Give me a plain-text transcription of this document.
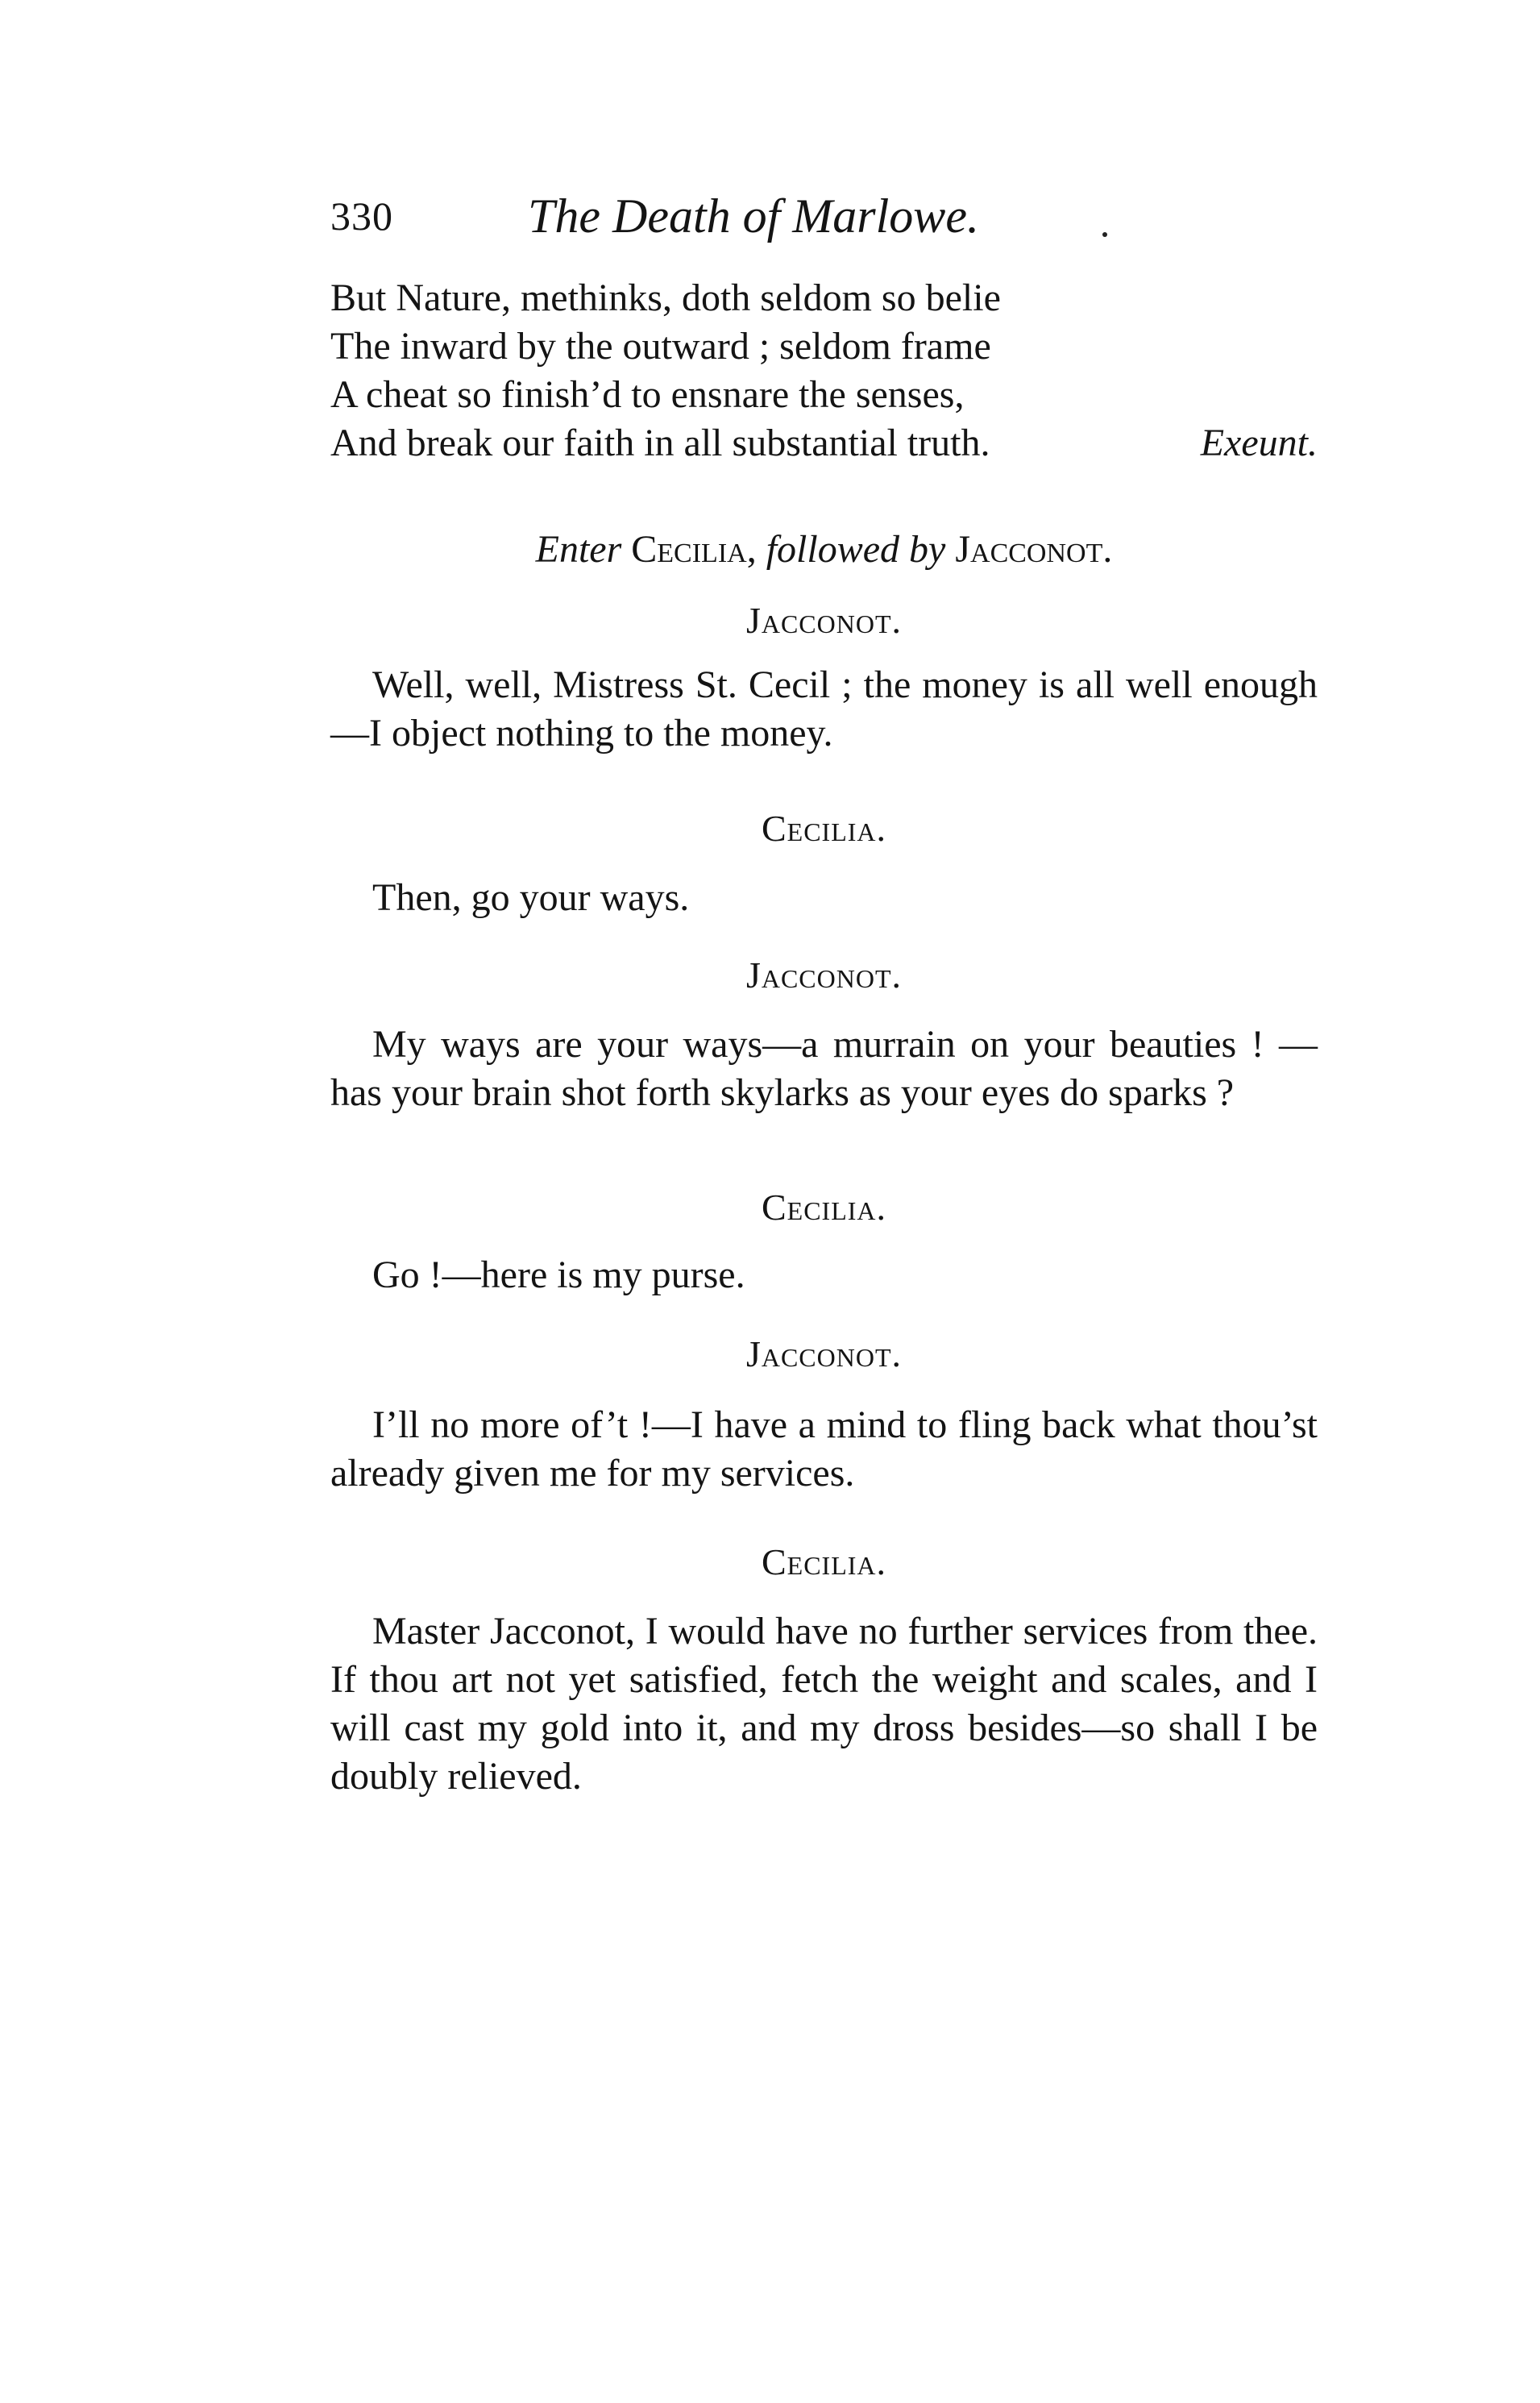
330	The Death of Marlowe.
But Nature, methinks, doth seldom so belie
The inward by the outward ; seldom frame
A cheat so finish’d to ensnare the senses,
And break our faith in all substantial truth.	Exeunt.
Enter Cecilia, followed by Jacconot.
Jacconot.

Well, well, Mistress St. Cecil ; the money is all well enough—I object nothing to the money.

Cecilia.

Then, go your ways.

Jacconot.

My ways are your ways—a murrain on your beauties ! —has your brain shot forth skylarks as your eyes do sparks ?

Cecilia.

Go !—here is my purse.

Jacconot.

I’ll no more of’t !—I have a mind to fling back what thou’st already given me for my services.

Cecilia.

Master Jacconot, I would have no further services from thee. If thou art not yet satisfied, fetch the weight and scales, and I will cast my gold into it, and my dross besides—so shall I be doubly relieved.
